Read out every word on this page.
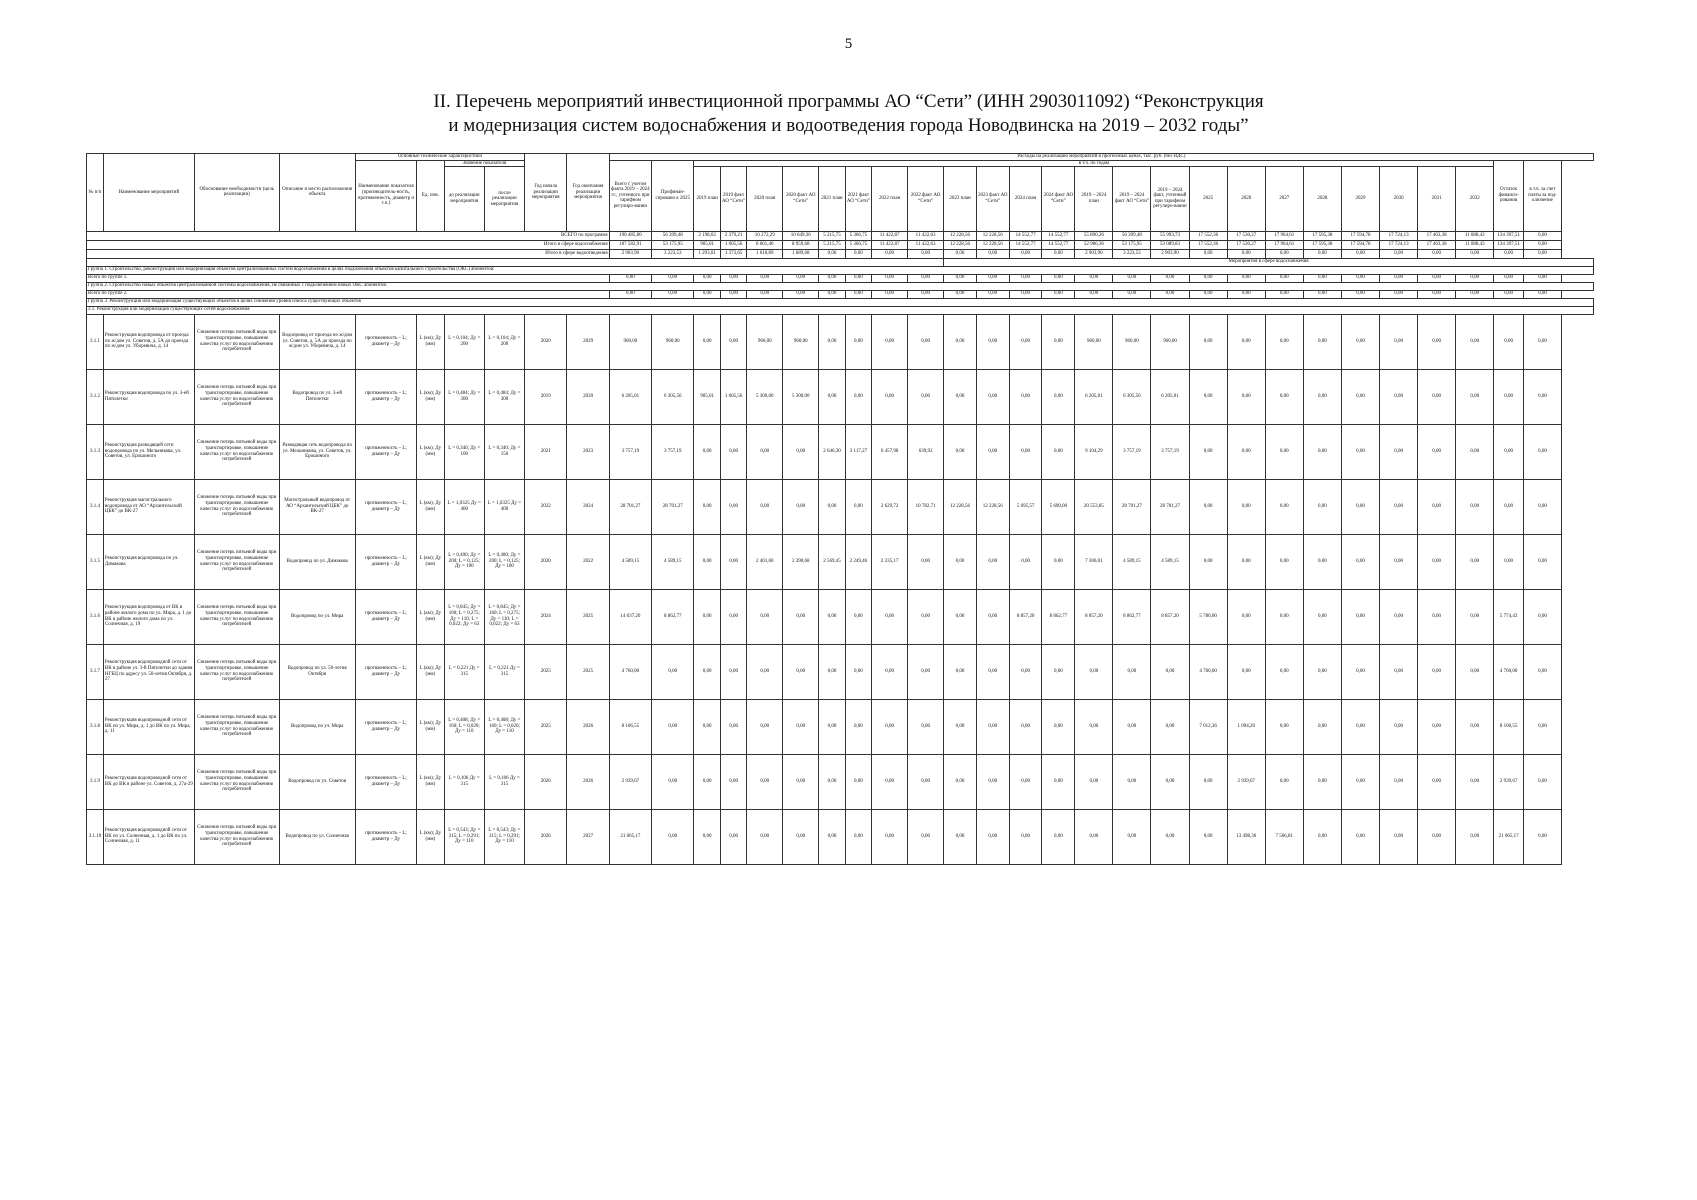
5
II. Перечень мероприятий инвестиционной программы АО “Сети” (ИНН 2903011092) “Реконструкция
и модернизация систем водоснабжения и водоотведения города Новодвинска на 2019 – 2032 годы”
№ п/п	Наименование мероприятий	Обоснование необходимости (цель реализации)	Описание и место расположения объекта	Основные технические характеристики				Год начала реализации мероприятия	Год окончания реализации мероприятия	Расходы на реализацию мероприятий в прогнозных ценах, тыс. руб. (без НДС)																										
				Наименование показателя (производитель-ность, протяженность, диаметр и т.п.)	Ед. изм.	Значение показателя				Всего с учетом факта 2019 – 2024 гг., учтенного при тарифном регулиро-вании	Профинан-сировано к 2025	в т.ч. по годам																							Остаток финанси-рования	в т.ч. за счет платы за под-ключение
						до реализации мероприятия	после реализации мероприятия					2019 план	2019 факт АО “Сети”	2020 план	2020 факт АО “Сети”	2021 план	2021 факт АО “Сети”	2022 план	2022 факт АО “Сети”	2023 план	2023 факт АО “Сети”	2024 план	2024 факт АО “Сети”	2019 – 2024 план	2019 – 2024 факт АО “Сети”	2019 – 2024 факт, учтенный при тарифном регулиро-вании	2025	2026	2027	2028	2029	2030	2031	2032		

ВСЕГО по программе										190 485,80	56 399,48	2 198,02	2 379,21	10 272,29	10 649,36	5 215,75	5 366,75	11 422,87	11 422,63	12 228,56	12 228,56	14 552,77	14 552,77	55 890,26	56 399,48	55 993,73	17 552,36	17 530,27	17 964,61	17 595,38	17 594,78	17 724,13	17 463,38	11 088,43	134 397,51	0,00
Итого в сфере водоснабжения										187 582,91	53 175,95	905,01	1 005,56	8 661,40	8 959,68	5 215,75	5 366,75	11 422,87	11 422,63	12 228,56	12 228,56	14 552,77	14 552,77	52 986,36	53 175,95	53 089,83	17 552,36	17 530,27	17 964,61	17 595,38	17 594,78	17 724,13	17 463,38	11 088,43	134 397,51	0,00
Итого в сфере водоотведения										2 903,90	3 223,53	1 293,01	1 373,65	1 610,89	1 689,68	0,00	0,00	0,00	0,00	0,00	0,00	0,00	0,00	2 903,90	3 223,53	2 903,90	0,00	0,00	0,00	0,00	0,00	0,00	0,00	0,00	0,00	0,00
																				Мероприятия в сфере водоснабжения																
Группа 1. Строительство, реконструкция или модернизация объектов централизованных систем водоснабжения в целях подключения объектов капитального строительства (ОКС) абонентов:																																				
Всего по группе 1.										0,00	0,00	0,00	0,00	0,00	0,00	0,00	0,00	0,00	0,00	0,00	0,00	0,00	0,00	0,00	0,00	0,00	0,00	0,00	0,00	0,00	0,00	0,00	0,00	0,00	0,00	0,00
Группа 2. Строительство новых объектов централизованной системы водоснабжения, не связанных с подключением новых ОКС абонентов:																																				
Всего по группе 2.										0,00	0,00	0,00	0,00	0,00	0,00	0,00	0,00	0,00	0,00	0,00	0,00	0,00	0,00	0,00	0,00	0,00	0,00	0,00	0,00	0,00	0,00	0,00	0,00	0,00	0,00	0,00
Группа 3. Реконструкция или модернизация существующих объектов в целях снижения уровня износа существующих объектов																																				
3.1. Реконструкция или модернизация существующих сетей водоснабжения																																				
3.1.1	Реконструкция водопровода от проезда по ж/дом ул. Советов, д. 5А до проезда по ж/дом ул. Уборевича, д. 14	Снижение потерь питьевой воды при транспортировке, повышение качества услуг по водоснабжению потребителей	Водопровод от проезда по ж/дом ул. Советов, д. 5А до проезда по ж/дом ул. Уборевича, д. 14	протяженность – L; диаметр – Ду	L (км); Ду (мм)	L = 0,104; Ду = 200	L = 0,104; Ду = 200	2020	2029	960,00	960,00	0,00	0,00	960,00	960,00	0,00	0,00	0,00	0,00	0,00	0,00	0,00	0,00	960,00	960,00	960,00	0,00	0,00	0,00	0,00	0,00	0,00	0,00	0,00	0,00	0,00
3.1.2	Реконструкция водопровода по ул. 3-ей Пятилетки	Снижение потерь питьевой воды при транспортировке, повышение качества услуг по водоснабжению потребителей	Водопровод по ул. 3-ей Пятилетки	протяженность – L; диаметр – Ду	L (км); Ду (мм)	L = 0,484; Ду = 300	L = 0,484; Ду = 300	2019	2020	6 205,01	6 305,56	905,01	1 005,56	5 300,00	5 300,00	0,00	0,00	0,00	0,00	0,00	0,00	0,00	0,00	6 205,01	6 305,56	6 205,01	0,00	0,00	0,00	0,00	0,00	0,00	0,00	0,00	0,00	0,00
3.1.3	Реконструкция разводящей сети водопровода по ул. Мельникова, ул. Советов, ул. Ерошиного	Снижение потерь питьевой воды при транспортировке, повышение качества услуг по водоснабжению потребителей	Разводящая сеть водопровода по ул. Мельникова, ул. Советов, ул. Ерошиного	протяженность – L; диаметр – Ду	L (км); Ду (мм)	L = 0,340; Ду = 100	L = 0,340; Ду = 150	2021	2023	3 757,19	3 757,19	0,00	0,00	0,00	0,00	2 646,30	3 117,27	6 457,98	639,92	0,00	0,00	0,00	0,00	9 104,29	3 757,19	3 757,19	0,00	0,00	0,00	0,00	0,00	0,00	0,00	0,00	0,00	0,00
3.1.4	Реконструкция магистрального водопровода от АО “Архангельский ЦБК” до ВК-27	Снижение потерь питьевой воды при транспортировке, повышение качества услуг по водоснабжению потребителей	Магистральный водопровод от АО “Архангельский ЦБК” до ВК-27	протяженность – L; диаметр – Ду	L (км); Ду (мм)	L = 1,0325 Ду = 400	L = 1,0325 Ду = 400	2022	2024	28 701,27	28 701,27	0,00	0,00	0,00	0,00	0,00	0,00	2 629,72	10 782,71	12 228,56	12 228,56	5 695,57	5 690,00	20 553,85	28 701,27	28 701,27	0,00	0,00	0,00	0,00	0,00	0,00	0,00	0,00	0,00	0,00
3.1.5	Реконструкция водопровода по ул. Димакова	Снижение потерь питьевой воды при транспортировке, повышение качества услуг по водоснабжению потребителей	Водопровод по ул. Димакова	протяженность – L; диаметр – Ду	L (км); Ду (мм)	L = 0,400; Ду = 200; L = 0,125; Ду = 100	L = 0,400; Ду = 200; L = 0,125; Ду = 100	2020	2022	4 589,15	4 589,15	0,00	0,00	2 401,60	2 390,68	2 569,45	2 249,46	2 335,17	0,00	0,00	0,00	0,00	0,00	7 306,01	4 589,15	4 589,15	0,00	0,00	0,00	0,00	0,00	0,00	0,00	0,00	0,00	0,00
3.1.6	Реконструкция водопровода от ВК в районе жилого дома по ул. Мира, д. 1 до ВК в районе жилого дома по ул. Солнечная, д. 19	Снижение потерь питьевой воды при транспортировке, повышение качества услуг по водоснабжению потребителей	Водопровод по ул. Мира	протяженность – L; диаметр – Ду	L (км); Ду (мм)	L = 0,845; Ду = 160; L = 0,275; Ду = 110; L = 0,022; Ду = 63	L = 0,845; Ду = 160; L = 0,275; Ду = 110; L = 0,022; Ду = 63	2024	2025	14 637,20	8 862,77	0,00	0,00	0,00	0,00	0,00	0,00	0,00	0,00	0,00	0,00	8 857,20	8 862,77	8 857,20	8 862,77	8 857,20	5 780,00	0,00	0,00	0,00	0,00	0,00	0,00	0,00	5 774,43	0,00
3.1.7	Реконструкция водопроводной сети от ВК в районе ул. 3-й Пятилетки до здания НГБЦ по адресу ул. 50-летия Октября, д. 27	Снижение потерь питьевой воды при транспортировке, повышение качества услуг по водоснабжению потребителей	Водопровод по ул. 50-летия Октября	протяженность – L; диаметр – Ду	L (км); Ду (мм)	L = 0,221 Ду = 315	L = 0,221 Ду = 315	2025	2025	4 760,00	0,00	0,00	0,00	0,00	0,00	0,00	0,00	0,00	0,00	0,00	0,00	0,00	0,00	0,00	0,00	0,00	4 760,00	0,00	0,00	0,00	0,00	0,00	0,00	0,00	4 760,00	0,00
3.1.8	Реконструкция водопроводной сети от ВК по ул. Мира, д. 1 до ВК по ул. Мира, д. 11	Снижение потерь питьевой воды при транспортировке, повышение качества услуг по водоснабжению потребителей	Водопровод по ул. Мира	протяженность – L; диаметр – Ду	L (км); Ду (мм)	L = 0,408; Ду = 160; L = 0,020; Ду = 110	L = 0,408; Ду = 160; L = 0,020; Ду = 110	2025	2026	8 106,55	0,00	0,00	0,00	0,00	0,00	0,00	0,00	0,00	0,00	0,00	0,00	0,00	0,00	0,00	0,00	0,00	7 012,36	1 094,20	0,00	0,00	0,00	0,00	0,00	0,00	8 106,55	0,00
3.1.9	Реконструкция водопроводной сети от ВК до ВК в районе ул. Советов, д. 27а-29	Снижение потерь питьевой воды при транспортировке, повышение качества услуг по водоснабжению потребителей	Водопровод по ул. Советов	протяженность – L; диаметр – Ду	L (км); Ду (мм)	L = 0,106 Ду = 315	L = 0,106 Ду = 315	2026	2026	2 939,67	0,00	0,00	0,00	0,00	0,00	0,00	0,00	0,00	0,00	0,00	0,00	0,00	0,00	0,00	0,00	0,00	0,00	2 939,67	0,00	0,00	0,00	0,00	0,00	0,00	2 939,67	0,00
3.1.10	Реконструкция водопроводной сети от ВК по ул. Солнечная, д. 1 до ВК по ул. Солнечная, д. 11	Снижение потерь питьевой воды при транспортировке, повышение качества услуг по водоснабжению потребителей	Водопровод по ул. Солнечная	протяженность – L; диаметр – Ду	L (км); Ду (мм)	L = 0,543; Ду = 315; L = 0,291; Ду = 110	L = 0,543; Ду = 315; L = 0,291; Ду = 110	2026	2027	21 065,17	0,00	0,00	0,00	0,00	0,00	0,00	0,00	0,00	0,00	0,00	0,00	0,00	0,00	0,00	0,00	0,00	0,00	13 498,36	7 566,81	0,00	0,00	0,00	0,00	0,00	21 065,17	0,00
